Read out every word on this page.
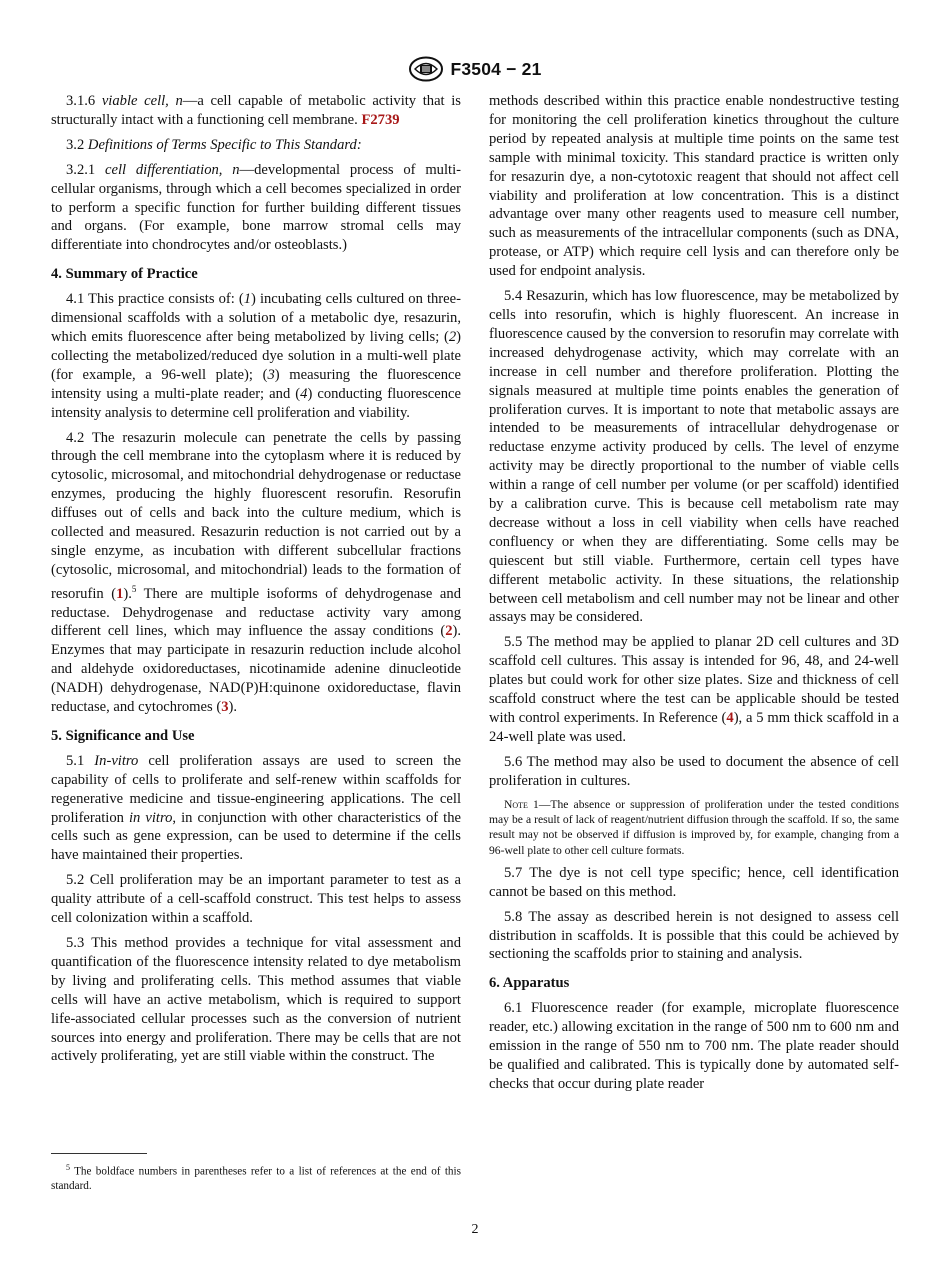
F3504 − 21

3.1.6 viable cell, n—a cell capable of metabolic activity that is structurally intact with a functioning cell membrane. F2739

3.2 Definitions of Terms Specific to This Standard:

3.2.1 cell differentiation, n—developmental process of multi-cellular organisms, through which a cell becomes specialized in order to perform a specific function for further building different tissues and organs. (For example, bone marrow stromal cells may differentiate into chondrocytes and/or osteoblasts.)

4. Summary of Practice

4.1 This practice consists of: (1) incubating cells cultured on three-dimensional scaffolds with a solution of a metabolic dye, resazurin, which emits fluorescence after being metabolized by living cells; (2) collecting the metabolized/reduced dye solution in a multi-well plate (for example, a 96-well plate); (3) measuring the fluorescence intensity using a multi-plate reader; and (4) conducting fluorescence intensity analysis to determine cell proliferation and viability.

4.2 The resazurin molecule can penetrate the cells by passing through the cell membrane into the cytoplasm where it is reduced by cytosolic, microsomal, and mitochondrial dehydrogenase or reductase enzymes, producing the highly fluorescent resorufin. Resorufin diffuses out of cells and back into the culture medium, which is collected and measured. Resazurin reduction is not carried out by a single enzyme, as incubation with different subcellular fractions (cytosolic, microsomal, and mitochondrial) leads to the formation of resorufin (1).$^5$ There are multiple isoforms of dehydrogenase and reductase. Dehydrogenase and reductase activity vary among different cell lines, which may influence the assay conditions (2). Enzymes that may participate in resazurin reduction include alcohol and aldehyde oxidoreductases, nicotinamide adenine dinucleotide (NADH) dehydrogenase, NAD(P)H:quinone oxidoreductase, flavin reductase, and cytochromes (3).

5. Significance and Use

5.1 In-vitro cell proliferation assays are used to screen the capability of cells to proliferate and self-renew within scaffolds for regenerative medicine and tissue-engineering applications. The cell proliferation in vitro, in conjunction with other characteristics of the cells such as gene expression, can be used to determine if the cells have maintained their properties.

5.2 Cell proliferation may be an important parameter to test as a quality attribute of a cell-scaffold construct. This test helps to assess cell colonization within a scaffold.

5.3 This method provides a technique for vital assessment and quantification of the fluorescence intensity related to dye metabolism by living and proliferating cells. This method assumes that viable cells will have an active metabolism, which is required to support life-associated cellular processes such as the conversion of nutrient sources into energy and proliferation. There may be cells that are not actively proliferating, yet are still viable within the construct. The

methods described within this practice enable nondestructive testing for monitoring the cell proliferation kinetics throughout the culture period by repeated analysis at multiple time points on the same test sample with minimal toxicity. This standard practice is written only for resazurin dye, a non-cytotoxic reagent that should not affect cell viability and proliferation at low concentration. This is a distinct advantage over many other reagents used to measure cell number, such as measurements of the intracellular components (such as DNA, protease, or ATP) which require cell lysis and can therefore only be used for endpoint analysis.

5.4 Resazurin, which has low fluorescence, may be metabolized by cells into resorufin, which is highly fluorescent. An increase in fluorescence caused by the conversion to resorufin may correlate with increased dehydrogenase activity, which may correlate with an increase in cell number and therefore proliferation. Plotting the signals measured at multiple time points enables the generation of proliferation curves. It is important to note that metabolic assays are intended to be measurements of intracellular dehydrogenase or reductase enzyme activity produced by cells. The level of enzyme activity may be directly proportional to the number of viable cells within a range of cell number per volume (or per scaffold) identified by a calibration curve. This is because cell metabolism rate may decrease without a loss in cell viability when cells have reached confluency or when they are differentiating. Some cells may be quiescent but still viable. Furthermore, certain cell types have different metabolic activity. In these situations, the relationship between cell metabolism and cell number may not be linear and other assays may be considered.

5.5 The method may be applied to planar 2D cell cultures and 3D scaffold cell cultures. This assay is intended for 96, 48, and 24-well plates but could work for other size plates. Size and thickness of cell scaffold construct where the test can be applicable should be tested with control experiments. In Reference (4), a 5 mm thick scaffold in a 24-well plate was used.

5.6 The method may also be used to document the absence of cell proliferation in cultures.

Note 1—The absence or suppression of proliferation under the tested conditions may be a result of lack of reagent/nutrient diffusion through the scaffold. If so, the same result may not be observed if diffusion is improved by, for example, changing from a 96-well plate to other cell culture formats.

5.7 The dye is not cell type specific; hence, cell identification cannot be based on this method.

5.8 The assay as described herein is not designed to assess cell distribution in scaffolds. It is possible that this could be achieved by sectioning the scaffolds prior to staining and analysis.

6. Apparatus

6.1 Fluorescence reader (for example, microplate fluorescence reader, etc.) allowing excitation in the range of 500 nm to 600 nm and emission in the range of 550 nm to 700 nm. The plate reader should be qualified and calibrated. This is typically done by automated self-checks that occur during plate reader

$^5$ The boldface numbers in parentheses refer to a list of references at the end of this standard.
2
